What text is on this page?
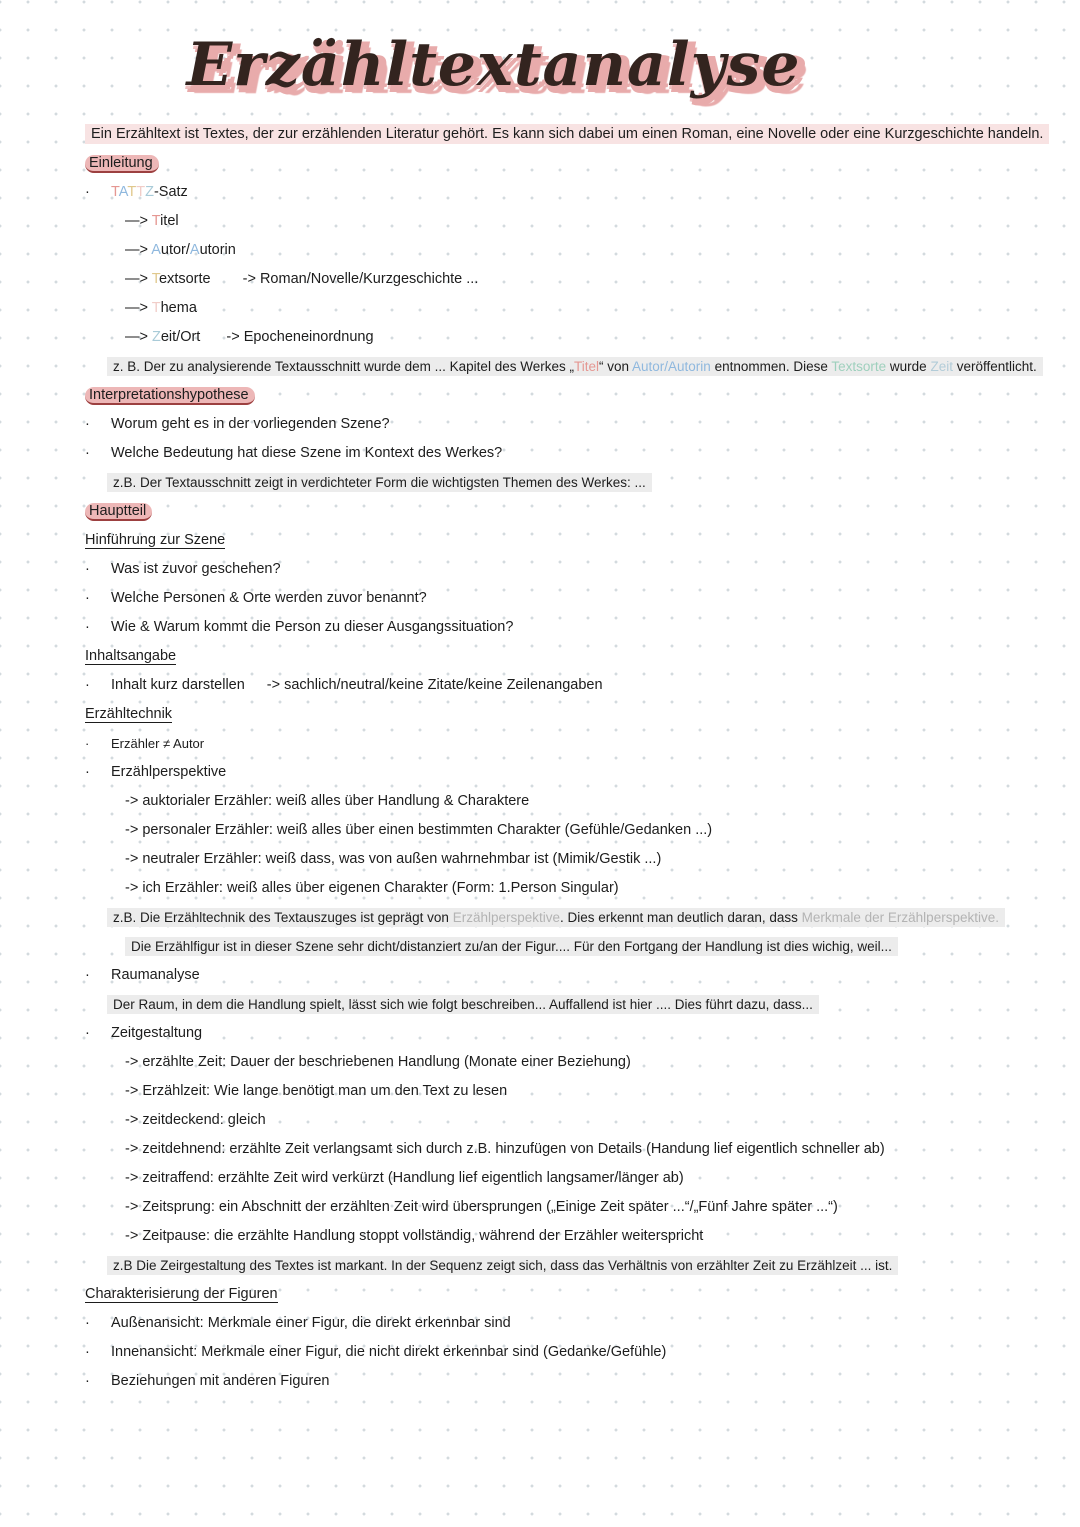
Erzähltextanalyse
Ein Erzähltext ist Textes, der zur erzählenden Literatur gehört. Es kann sich dabei um einen Roman, eine Novelle oder eine Kurzgeschichte handeln.
Einleitung
·	TATTZ-Satz
—> Titel
—> Autor/Autorin
—> Textsorte -> Roman/Novelle/Kurzgeschichte ...
—> Thema
—> Zeit/Ort -> Epocheneinordnung
z. B. Der zu analysierende Textausschnitt wurde dem ... Kapitel des Werkes „Titel“ von Autor/Autorin entnommen. Diese Textsorte wurde Zeit veröffentlicht.
Interpretationshypothese
·	Worum geht es in der vorliegenden Szene?
·	Welche Bedeutung hat diese Szene im Kontext des Werkes?
z.B. Der Textausschnitt zeigt in verdichteter Form die wichtigsten Themen des Werkes: ...
Hauptteil
Hinführung zur Szene
·	Was ist zuvor geschehen?
·	Welche Personen & Orte werden zuvor benannt?
·	Wie & Warum kommt die Person zu dieser Ausgangssituation?
Inhaltsangabe
·	Inhalt kurz darstellen -> sachlich/neutral/keine Zitate/keine Zeilenangaben
Erzähltechnik
·	Erzähler ≠ Autor
·	Erzählperspektive
-> auktorialer Erzähler: weiß alles über Handlung & Charaktere
-> personaler Erzähler: weiß alles über einen bestimmten Charakter (Gefühle/Gedanken ...)
-> neutraler Erzähler: weiß dass, was von außen wahrnehmbar ist (Mimik/Gestik ...)
-> ich Erzähler: weiß alles über eigenen Charakter (Form: 1.Person Singular)
z.B. Die Erzähltechnik des Textauszuges ist geprägt von Erzählperspektive. Dies erkennt man deutlich daran, dass Merkmale der Erzählperspektive.
Die Erzählfigur ist in dieser Szene sehr dicht/distanziert zu/an der Figur.... Für den Fortgang der Handlung ist dies wichig, weil...
·	Raumanalyse
Der Raum, in dem die Handlung spielt, lässt sich wie folgt beschreiben... Auffallend ist hier .... Dies führt dazu, dass...
·	Zeitgestaltung
-> erzählte Zeit: Dauer der beschriebenen Handlung (Monate einer Beziehung)
-> Erzählzeit: Wie lange benötigt man um den Text zu lesen
-> zeitdeckend: gleich
-> zeitdehnend: erzählte Zeit verlangsamt sich durch z.B. hinzufügen von Details (Handung lief eigentlich schneller ab)
-> zeitraffend: erzählte Zeit wird verkürzt (Handlung lief eigentlich langsamer/länger ab)
-> Zeitsprung: ein Abschnitt der erzählten Zeit wird übersprungen („Einige Zeit später ...“/„Fünf Jahre später ...“)
-> Zeitpause: die erzählte Handlung stoppt vollständig, während der Erzähler weiterspricht
z.B Die Zeirgestaltung des Textes ist markant. In der Sequenz zeigt sich, dass das Verhältnis von erzählter Zeit zu Erzählzeit ... ist.
Charakterisierung der Figuren
·	Außenansicht: Merkmale einer Figur, die direkt erkennbar sind
·	Innenansicht: Merkmale einer Figur, die nicht direkt erkennbar sind (Gedanke/Gefühle)
·	Beziehungen mit anderen Figuren
